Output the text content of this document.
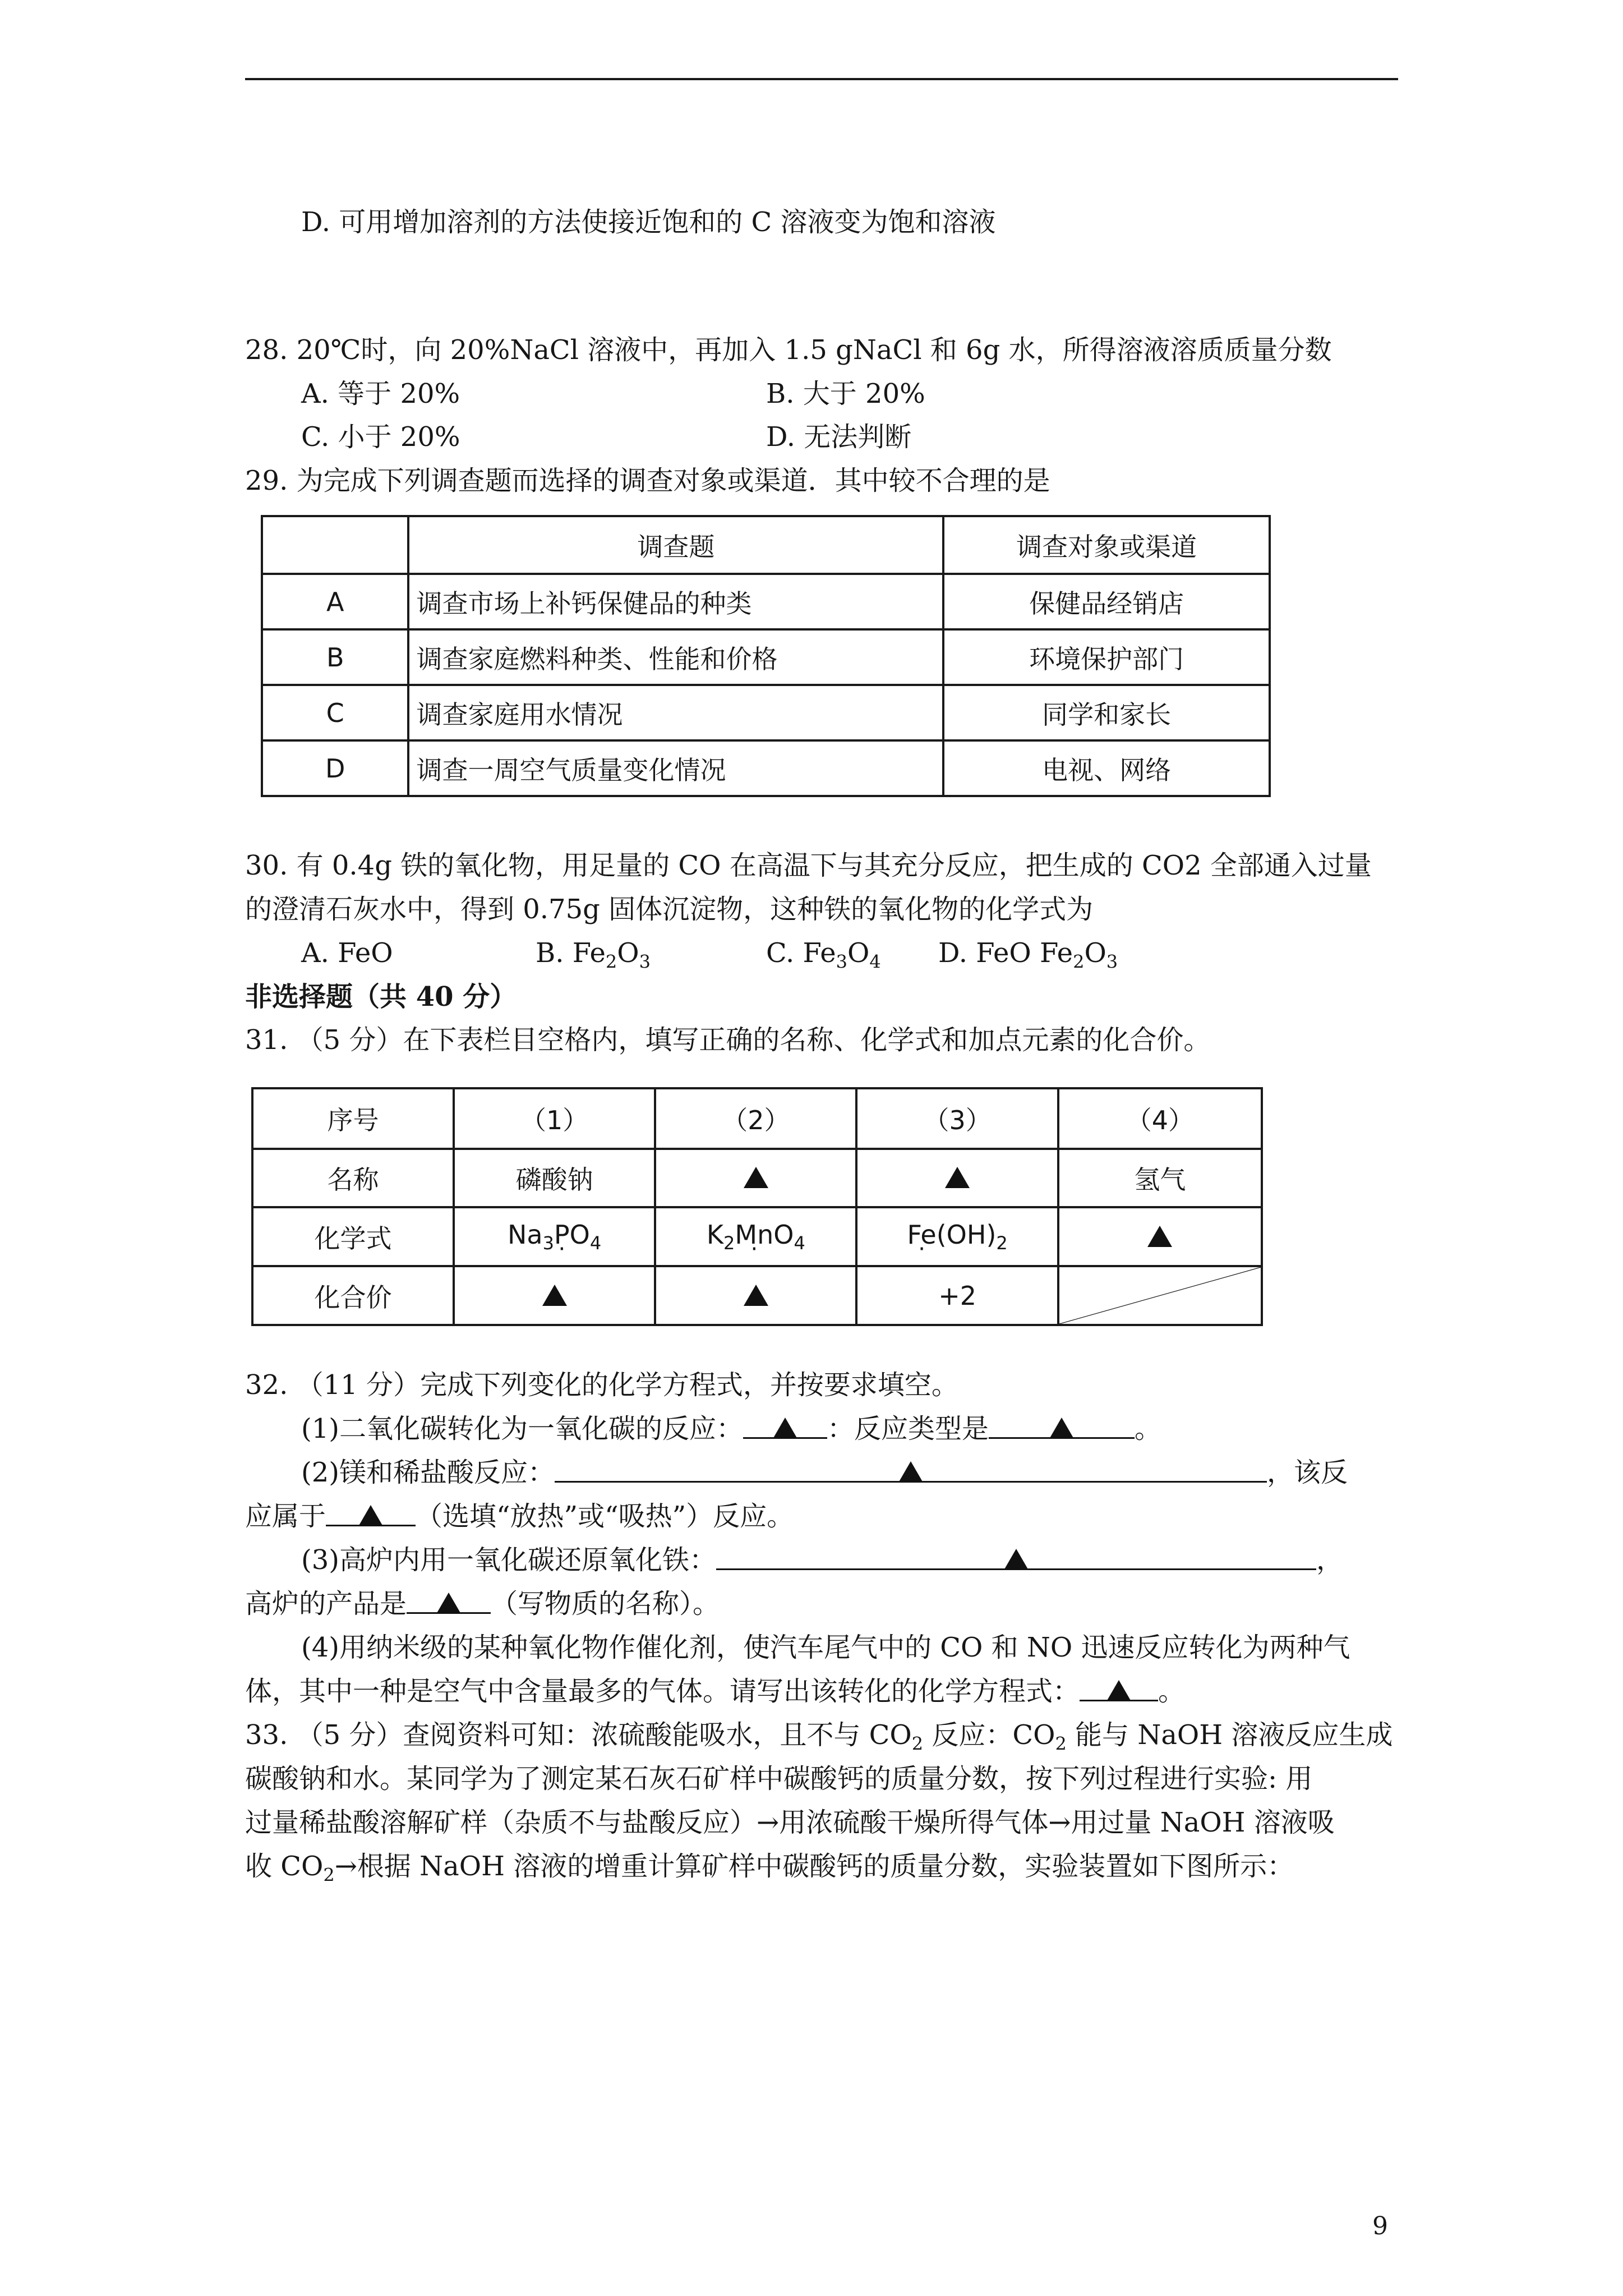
D. 可用增加溶剂的方法使接近饱和的 C 溶液变为饱和溶液
28. 20℃时，向 20%NaCl 溶液中，再加入 1.5 gNaCl 和 6g 水，所得溶液溶质质量分数
A. 等于 20%	B. 大于 20%
C. 小于 20%	D. 无法判断
29. 为完成下列调查题而选择的调查对象或渠道．其中较不合理的是
	调查题	调查对象或渠道
A	调查市场上补钙保健品的种类	保健品经销店
B	调查家庭燃料种类、性能和价格	环境保护部门
C	调查家庭用水情况	同学和家长
D	调查一周空气质量变化情况	电视、网络
30. 有 0.4g 铁的氧化物，用足量的 CO 在高温下与其充分反应，把生成的 CO2 全部通入过量
的澄清石灰水中，得到 0.75g 固体沉淀物，这种铁的氧化物的化学式为
A. FeO	B. $Fe_2O_3$	C. $Fe_3O_4$ D. FeO $Fe_2O_3$
非选择题（共 40 分）
31. （5 分）在下表栏目空格内，填写正确的名称、化学式和加点元素的化合价。
序号	（1）	（2）	（3）	（4）
名称	磷酸钠			氢气
化学式	$Na_3P \cdot O_4$	$K_2Mn \cdot O_4$	$Fe \cdot(OH)_2$	
化合价			+2	
32. （11 分）完成下列变化的化学方程式，并按要求填空。
(1)二氧化碳转化为一氧化碳的反应：	：反应类型是	。
(2)镁和稀盐酸反应：	，该反
应属于	（选填“放热”或“吸热”）反应。
(3)高炉内用一氧化碳还原氧化铁：	，
高炉的产品是	（写物质的名称）。
(4)用纳米级的某种氧化物作催化剂，使汽车尾气中的 CO 和 NO 迅速反应转化为两种气
体，其中一种是空气中含量最多的气体。请写出该转化的化学方程式：	。
33. （5 分）查阅资料可知：浓硫酸能吸水，且不与 $CO_2$ 反应：$CO_2$ 能与 NaOH 溶液反应生成
碳酸钠和水。某同学为了测定某石灰石矿样中碳酸钙的质量分数，按下列过程进行实验: 用
过量稀盐酸溶解矿样（杂质不与盐酸反应）→用浓硫酸干燥所得气体→用过量 NaOH 溶液吸
收 $CO_2\to$根据 NaOH 溶液的增重计算矿样中碳酸钙的质量分数，实验装置如下图所示：
9
